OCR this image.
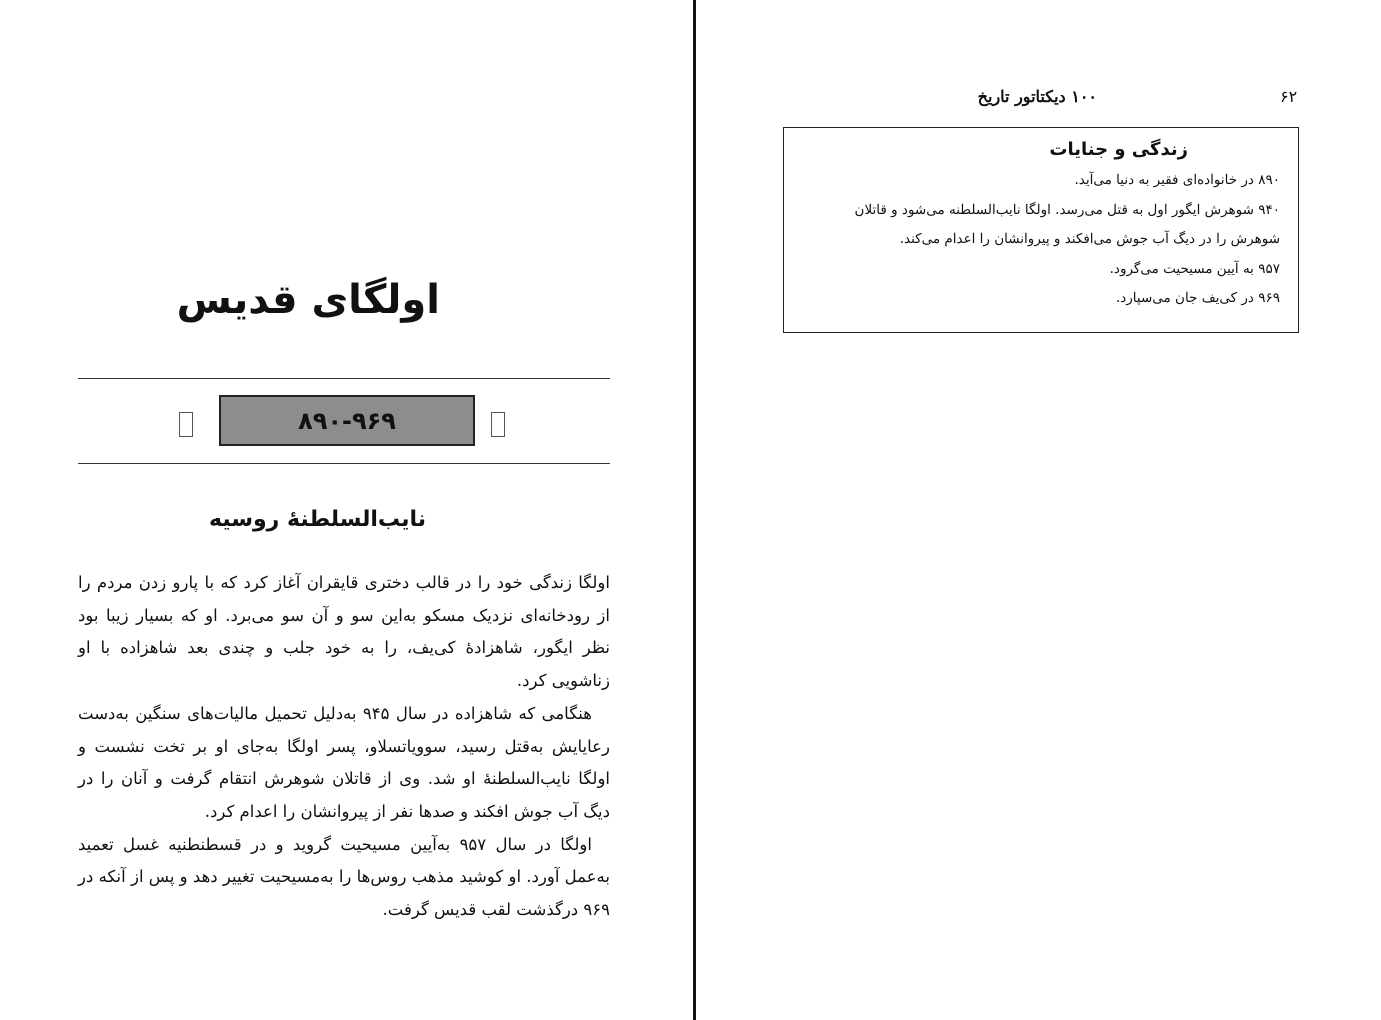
اولگای قدیس
۸۹۰-۹۶۹
نایب‌السلطنهٔ روسیه

اولگا زندگی خود را در قالب دختری قایقران آغاز کرد که با پارو زدن مردم را از رودخانه‌ای نزدیک مسکو به‌این سو و آن سو می‌برد. او که بسیار زیبا بود نظر ایگور، شاهزادهٔ کی‌یف، را به خود جلب و چندی بعد شاهزاده با او زناشویی کرد.

هنگامی که شاهزاده در سال ۹۴۵ به‌دلیل تحمیل مالیات‌های سنگین به‌دست رعایایش به‌قتل رسید، سوویاتسلاو، پسر اولگا به‌جای او بر تخت نشست و اولگا نایب‌السلطنهٔ او شد. وی از قاتلان شوهرش انتقام گرفت و آنان را در دیگ آب جوش افکند و صدها نفر از پیروانشان را اعدام کرد.

اولگا در سال ۹۵۷ به‌آیین مسیحیت گروید و در قسطنطنیه غسل تعمید به‌عمل آورد. او کوشید مذهب روس‌ها را به‌مسیحیت تغییر دهد و پس از آنکه در ۹۶۹ درگذشت لقب قدیس گرفت.

۶۲
۱۰۰ دیکتاتور تاریخ
زندگی و جنایات
۸۹۰ در خانواده‌ای فقیر به دنیا می‌آید.
۹۴۰ شوهرش ایگور اول به قتل می‌رسد. اولگا نایب‌السلطنه می‌شود و قاتلان شوهرش را در دیگ آب جوش می‌افکند و پیروانشان را اعدام می‌کند.
۹۵۷ به آیین مسیحیت می‌گرود.
۹۶۹ در کی‌یف جان می‌سپارد.
